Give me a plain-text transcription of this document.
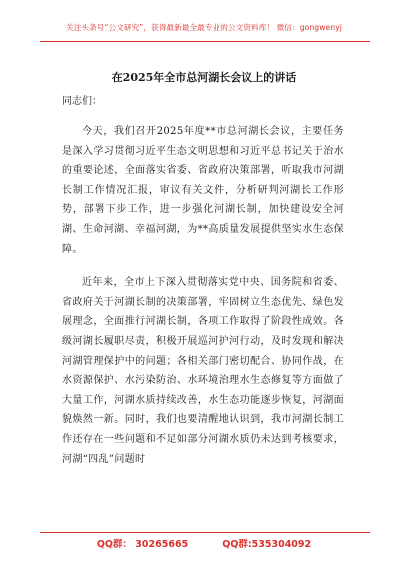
关注头条号“公文研究”，获得最新最全最专业的公文资料库！ 微信：gongwenyj
在2025年全市总河湖长会议上的讲话

同志们：

今天，我们召开2025年度**市总河湖长会议，主要任务是深入学习贯彻习近平生态文明思想和习近平总书记关于治水的重要论述，全面落实省委、省政府决策部署，听取我市河湖长制工作情况汇报，审议有关文件，分析研判河湖长工作形势，部署下步工作，进一步强化河湖长制，加快建设安全河湖、生命河湖、幸福河湖，为**高质量发展提供坚实水生态保障。

近年来，全市上下深入贯彻落实党中央、国务院和省委、省政府关于河湖长制的决策部署，牢固树立生态优先、绿色发展理念，全面推行河湖长制，各项工作取得了阶段性成效。各级河湖长履职尽责，积极开展巡河护河行动，及时发现和解决河湖管理保护中的问题；各相关部门密切配合、协同作战，在水资源保护、水污染防治、水环境治理水生态修复等方面做了大量工作，河湖水质持续改善，水生态功能逐步恢复，河湖面貌焕然一新。同时，我们也要清醒地认识到，我市河湖长制工作还存在一些问题和不足如部分河湖水质仍未达到考核要求，河湖“四乱”问题时

QQ群： 30265665	QQ群:535304092
